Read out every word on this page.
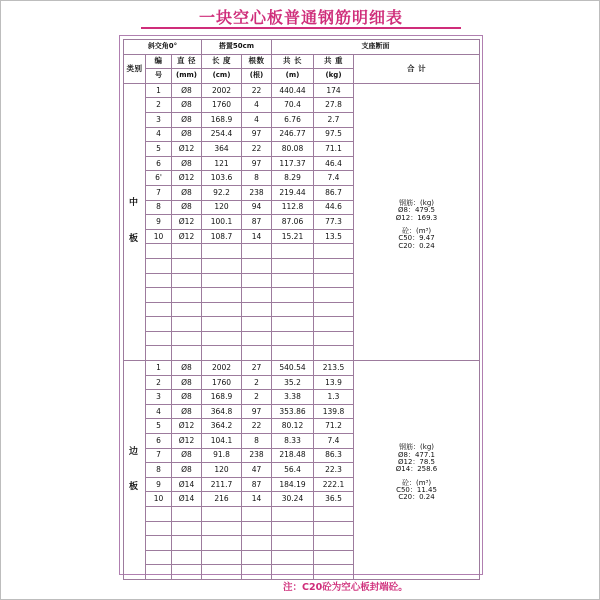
一块空心板普通钢筋明细表
斜交角0°			搭置50cm		支座断面		
类别	编	直 径	长 度	根数	共 长	共 重	合 计
	号	(mm)	(cm)	(根)	(m)	(kg)	

中
板
	1	Ø8	2002	22	440.44	174	
钢筋：(kg)
Ø8：479.5
Ø12：169.3
砼：(m³)
C50：9.47
C20：0.24

	2	Ø8	1760	4	70.4	27.8	
	3	Ø8	168.9	4	6.76	2.7	
	4	Ø8	254.4	97	246.77	97.5	
	5	Ø12	364	22	80.08	71.1	
	6	Ø8	121	97	117.37	46.4	
	6'	Ø12	103.6	8	8.29	7.4	
	7	Ø8	92.2	238	219.44	86.7	
	8	Ø8	120	94	112.8	44.6	
	9	Ø12	100.1	87	87.06	77.3	
	10	Ø12	108.7	14	15.21	13.5	

边
板
	1	Ø8	2002	27	540.54	213.5	
钢筋：(kg)
Ø8：477.1
Ø12：78.5
Ø14：258.6
砼：(m³)
C50：11.45
C20：0.24

	2	Ø8	1760	2	35.2	13.9	
	3	Ø8	168.9	2	3.38	1.3	
	4	Ø8	364.8	97	353.86	139.8	
	5	Ø12	364.2	22	80.12	71.2	
	6	Ø12	104.1	8	8.33	7.4	
	7	Ø8	91.8	238	218.48	86.3	
	8	Ø8	120	47	56.4	22.3	
	9	Ø14	211.7	87	184.19	222.1	
	10	Ø14	216	14	30.24	36.5	

注：C20砼为空心板封端砼。
